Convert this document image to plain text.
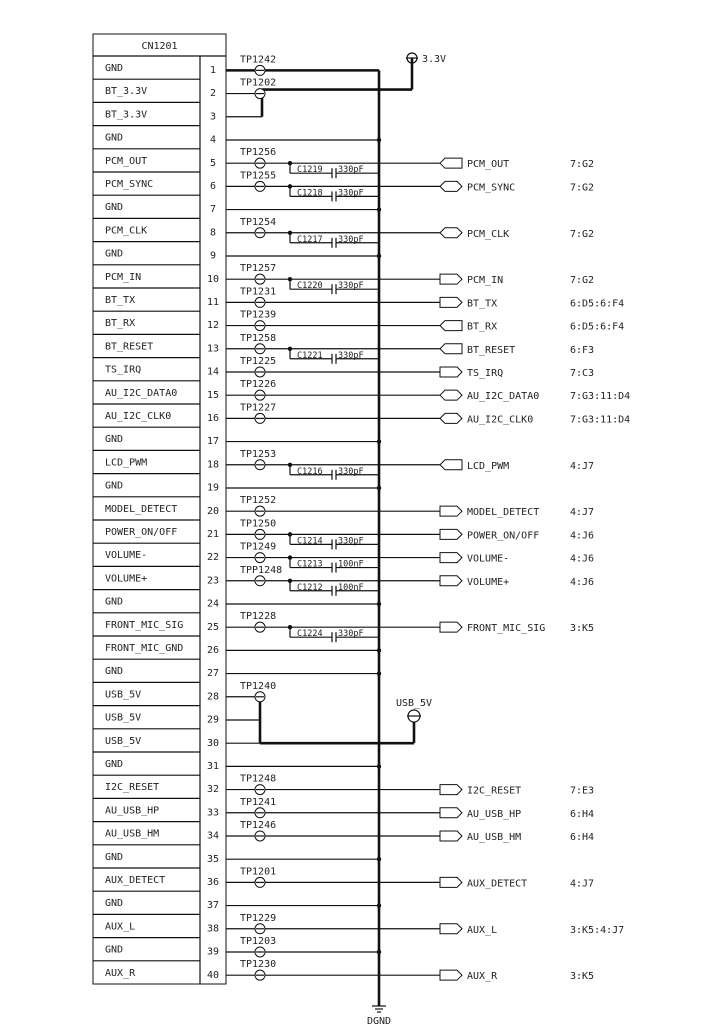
CN1201
GND	1
BT_3.3V	2
BT_3.3V	3
GND	4
PCM_OUT	5
PCM_SYNC	6
GND	7
PCM_CLK	8
GND	9
PCM_IN	10
BT_TX	11
BT_RX	12
BT_RESET	13
TS_IRQ	14
AU_I2C_DATA0	15
AU_I2C_CLK0	16
GND	17
LCD_PWM	18
GND	19
MODEL_DETECT	20
POWER_ON/OFF	21
VOLUME-	22
VOLUME+	23
GND	24
FRONT_MIC_SIG 25
FRONT_MIC_GND 26
GND	27
USB_5V	28
USB_5V	29
USB_5V	30
GND	31
I2C_RESET	32
AU_USB_HP	33
AU_USB_HM	34
GND	35
AUX_DETECT	36
GND	37
AUX_L	38
GND	39
AUX_R	40
C1219 330pF
C1218 330pF
C1217 330pF
C1220 330pF
C1221 330pF
C1216 330pF
C1214 330pF
C1213 100nF
C1212 100nF
C1224 330pF
TP1242
TP1202
TP1256
TP1255
TP1254
TP1257
TP1231
TP1239
TP1258
TP1225
TP1226
TP1227
TP1253
TP1252
TP1250
TP1249
TPP1248
TP1228
TP1240
TP1248
TP1241
TP1246
TP1201
TP1229
TP1203
TP1230
PCM_OUT	7:G2
PCM_SYNC	7:G2
PCM_CLK	7:G2
PCM_IN	7:G2
BT_TX	6:D5:6:F4
BT_RX	6:D5:6:F4
BT_RESET	6:F3
TS_IRQ	7:C3
AU_I2C_DATA0	7:G3:11:D4
AU_I2C_CLK0	7:G3:11:D4
LCD_PWM	4:J7
MODEL_DETECT	4:J7
POWER_ON/OFF	4:J6
VOLUME-	4:J6
VOLUME+	4:J6
FRONT_MIC_SIG 3:K5
I2C_RESET	7:E3
AU_USB_HP	6:H4
AU_USB_HM	6:H4
AUX_DETECT	4:J7
AUX_L	3:K5:4:J7
AUX_R	3:K5
DGND
3.3V
USB_5V
